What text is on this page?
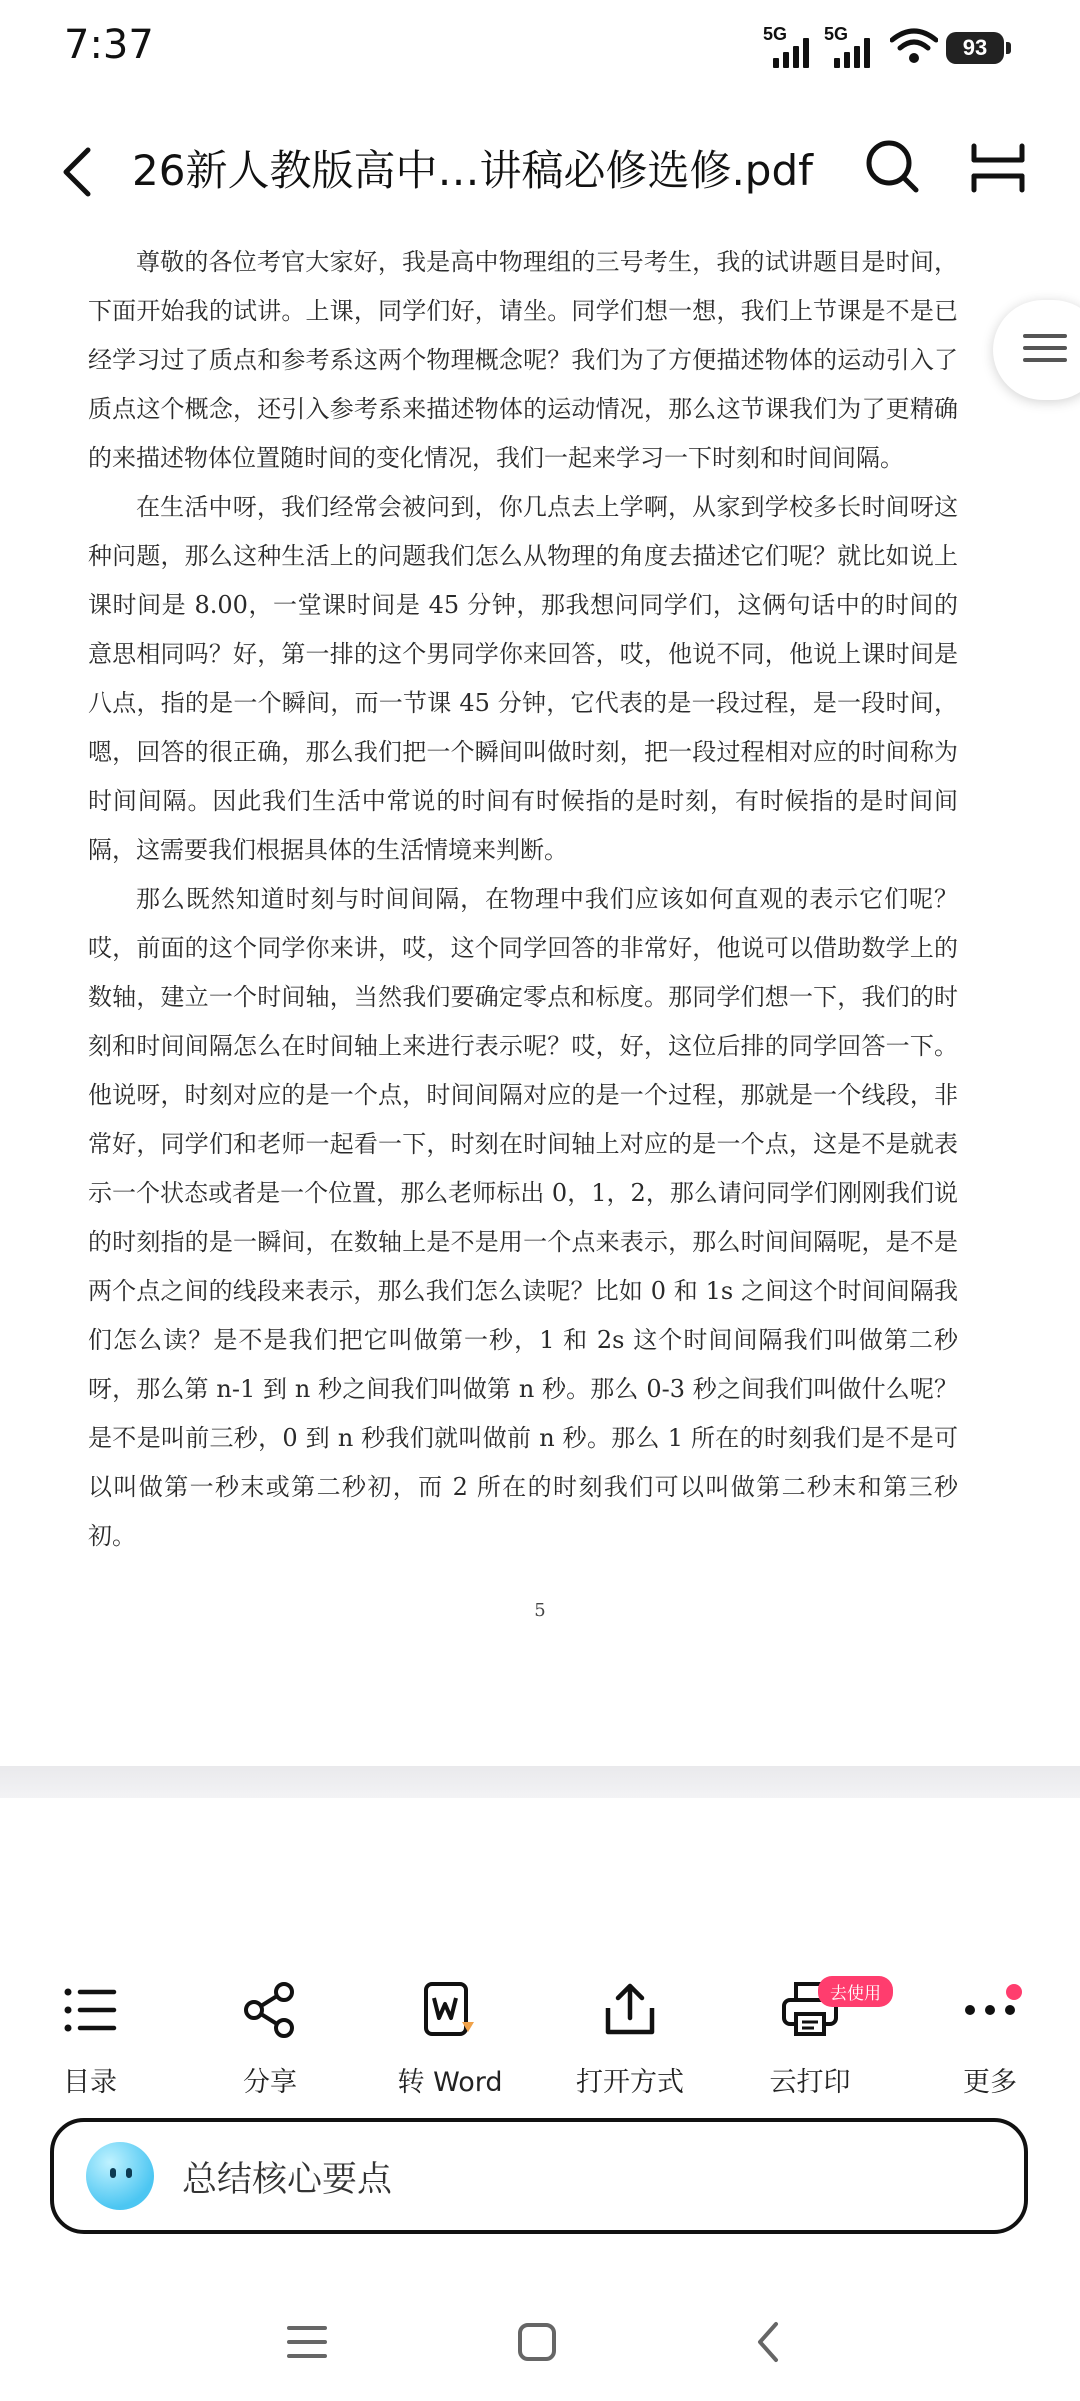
7:37	5G 5G
93
26新人教版高中…讲稿必修选修.pdf

尊敬的各位考官大家好，我是高中物理组的三号考生，我的试讲题目是时间，下面开始我的试讲。上课，同学们好，请坐。同学们想一想，我们上节课是不是已经学习过了质点和参考系这两个物理概念呢？我们为了方便描述物体的运动引入了质点这个概念，还引入参考系来描述物体的运动情况，那么这节课我们为了更精确的来描述物体位置随时间的变化情况，我们一起来学习一下时刻和时间间隔。

在生活中呀，我们经常会被问到，你几点去上学啊，从家到学校多长时间呀这种问题，那么这种生活上的问题我们怎么从物理的角度去描述它们呢？就比如说上课时间是 8.00，一堂课时间是 45 分钟，那我想问同学们，这俩句话中的时间的意思相同吗？好，第一排的这个男同学你来回答，哎，他说不同，他说上课时间是八点，指的是一个瞬间，而一节课 45 分钟，它代表的是一段过程，是一段时间，嗯，回答的很正确，那么我们把一个瞬间叫做时刻，把一段过程相对应的时间称为时间间隔。因此我们生活中常说的时间有时候指的是时刻，有时候指的是时间间隔，这需要我们根据具体的生活情境来判断。

那么既然知道时刻与时间间隔，在物理中我们应该如何直观的表示它们呢？哎，前面的这个同学你来讲，哎，这个同学回答的非常好，他说可以借助数学上的数轴，建立一个时间轴，当然我们要确定零点和标度。那同学们想一下，我们的时刻和时间间隔怎么在时间轴上来进行表示呢？哎，好，这位后排的同学回答一下。他说呀，时刻对应的是一个点，时间间隔对应的是一个过程，那就是一个线段，非常好，同学们和老师一起看一下，时刻在时间轴上对应的是一个点，这是不是就表示一个状态或者是一个位置，那么老师标出 0，1，2，那么请问同学们刚刚我们说的时刻指的是一瞬间，在数轴上是不是用一个点来表示，那么时间间隔呢，是不是两个点之间的线段来表示，那么我们怎么读呢？比如 0 和 1s 之间这个时间间隔我们怎么读？是不是我们把它叫做第一秒，1 和 2s 这个时间间隔我们叫做第二秒呀，那么第 n-1 到 n 秒之间我们叫做第 n 秒。那么 0-3 秒之间我们叫做什么呢？是不是叫前三秒，0 到 n 秒我们就叫做前 n 秒。那么 1 所在的时刻我们是不是可以叫做第一秒末或第二秒初，而 2 所在的时刻我们可以叫做第二秒末和第三秒初。

5
目录	分享	转 Word	打开方式	云打印	更多
去使用
总结核心要点
